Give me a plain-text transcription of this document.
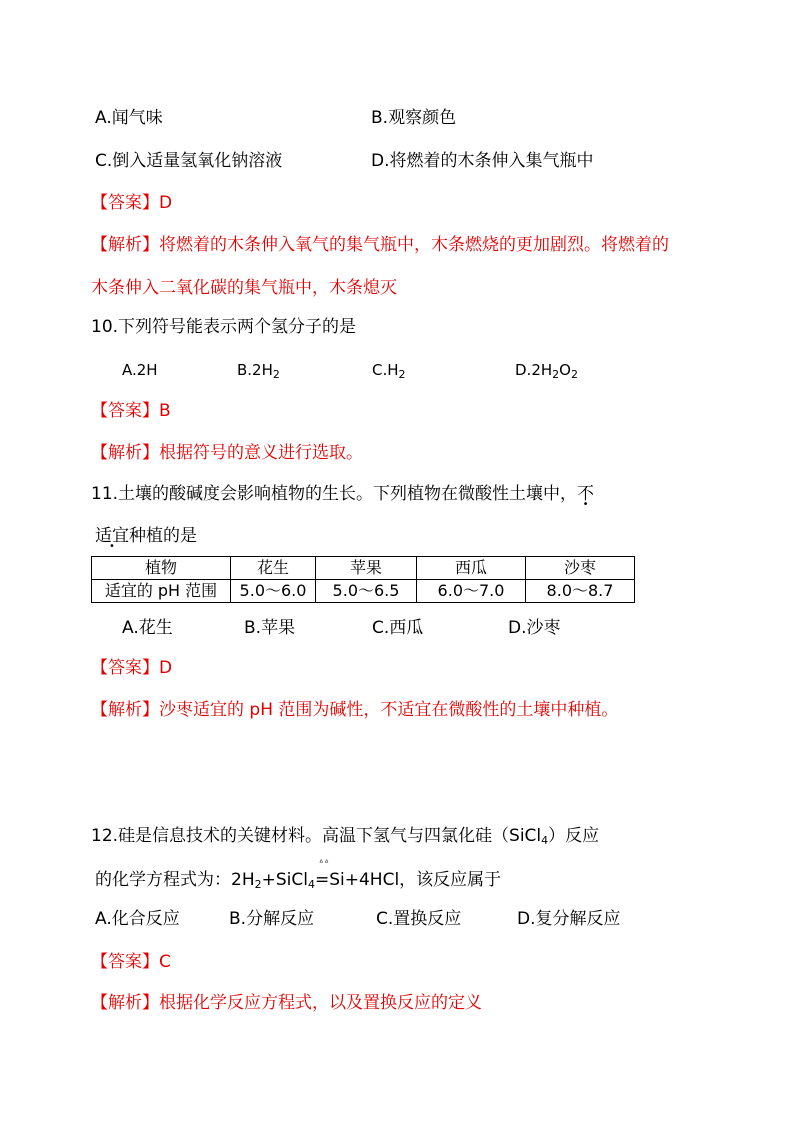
A.闻气味	B.观察颜色
C.倒入适量氢氧化钠溶液	D.将燃着的木条伸入集气瓶中
【答案】D
【解析】将燃着的木条伸入氧气的集气瓶中，木条燃烧的更加剧烈。将燃着的
木条伸入二氧化碳的集气瓶中，木条熄灭
10.下列符号能表示两个氢分子的是
A.2H	$B.2H_2$	$C.H_2$	$D.2H_2O_2$
【答案】B
【解析】根据符号的意义进行选取。
11.土壤的酸碱度会影响植物的生长。下列植物在微酸性土壤中，不
适宜种植的是
植物	花生	苹果	西瓜	沙枣
适宜的 pH 范围	5.0～6.0	5.0～6.5	6.0～7.0	8.0～8.7
A.花生	B.苹果	C.西瓜	D.沙枣
【答案】D
【解析】沙枣适宜的 pH 范围为碱性，不适宜在微酸性的土壤中种植。
12.硅是信息技术的关键材料。高温下氢气与四氯化硅（SiCl$_4$）反应
的化学方程式为：$2H_2+SiCl_4$
ᐞᐞ
=Si+4HCl，该反应属于
A.化合反应	B.分解反应	C.置换反应	D.复分解反应
【答案】C
【解析】根据化学反应方程式，以及置换反应的定义
